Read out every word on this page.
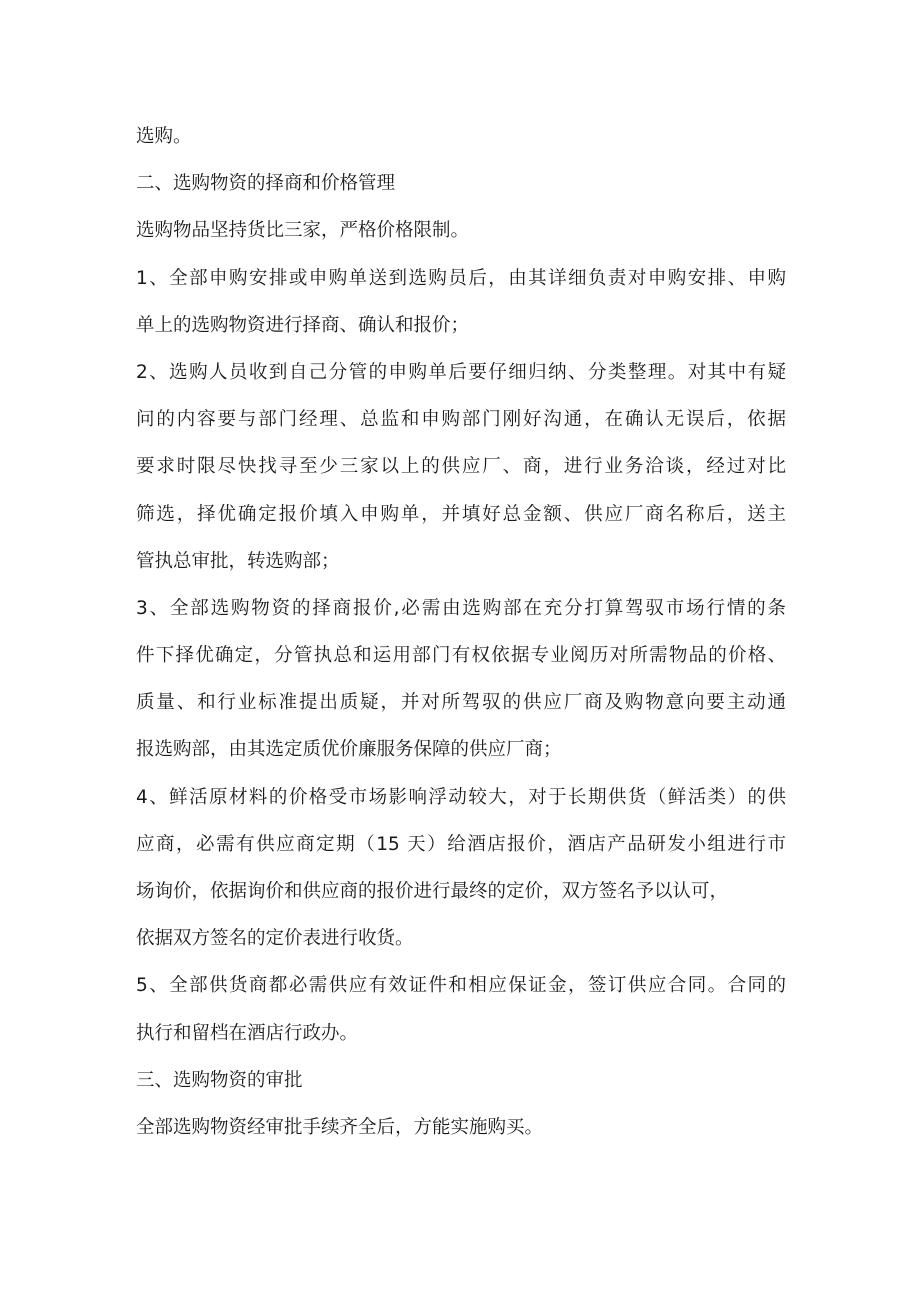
选购。
二、选购物资的择商和价格管理
选购物品坚持货比三家，严格价格限制。
1、全部申购安排或申购单送到选购员后，由其详细负责对申购安排、申购
单上的选购物资进行择商、确认和报价；
2、选购人员收到自己分管的申购单后要仔细归纳、分类整理。对其中有疑
问的内容要与部门经理、总监和申购部门刚好沟通，在确认无误后，依据
要求时限尽快找寻至少三家以上的供应厂、商，进行业务洽谈，经过对比
筛选，择优确定报价填入申购单，并填好总金额、供应厂商名称后，送主
管执总审批，转选购部；
3、全部选购物资的择商报价,必需由选购部在充分打算驾驭市场行情的条
件下择优确定，分管执总和运用部门有权依据专业阅历对所需物品的价格、
质量、和行业标准提出质疑，并对所驾驭的供应厂商及购物意向要主动通
报选购部，由其选定质优价廉服务保障的供应厂商；
4、鲜活原材料的价格受市场影响浮动较大，对于长期供货（鲜活类）的供
应商，必需有供应商定期（15 天）给酒店报价，酒店产品研发小组进行市
场询价，依据询价和供应商的报价进行最终的定价，双方签名予以认可，
依据双方签名的定价表进行收货。
5、全部供货商都必需供应有效证件和相应保证金，签订供应合同。合同的
执行和留档在酒店行政办。
三、选购物资的审批
全部选购物资经审批手续齐全后，方能实施购买。
